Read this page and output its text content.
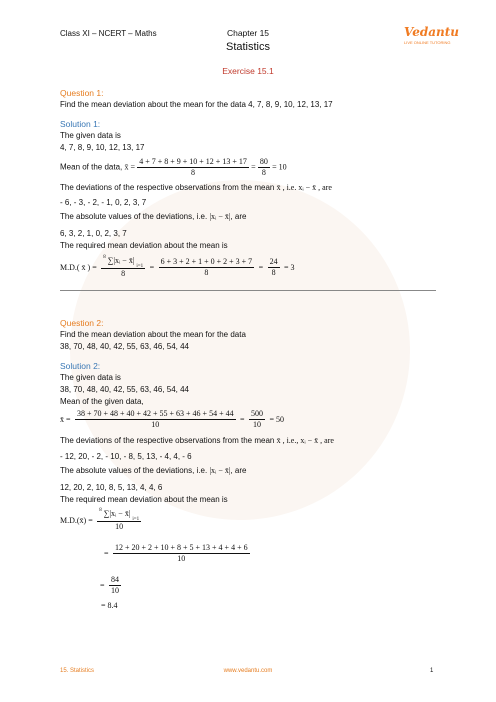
Class XI – NCERT – Maths	Chapter 15
Statistics
Vedantu
LIVE ONLINE TUTORING
Exercise 15.1
Question 1:
Find the mean deviation about the mean for the data 4, 7, 8, 9, 10, 12, 13, 17
Solution 1:
The given data is
4, 7, 8, 9, 10, 12, 13, 17
Mean of the data, x̄ = $\frac{4 + 7 + 8 + 9 + 10 + 12 + 13 + 17}{8} = \frac{80}{8} = 10$
The deviations of the respective observations from the mean x̄ , i.e. xᵢ − x̄ , are
- 6, - 3, - 2, - 1, 0, 2, 3, 7
The absolute values of the deviations, i.e. |xᵢ − x̄|, are
6, 3, 2, 1, 0, 2, 3, 7
The required mean deviation about the mean is
M.D.( x̄ ) = $\frac{^8 \sum|xᵢ - x̄| _{i=1}}{8} = \frac{6 + 3 + 2 + 1 + 0 + 2 + 3 + 7}{8} = \frac{24}{8} = 3$
Question 2:
Find the mean deviation about the mean for the data
38, 70, 48, 40, 42, 55, 63, 46, 54, 44
Solution 2:
The given data is
38, 70, 48, 40, 42, 55, 63, 46, 54, 44
Mean of the given data,
x̄ = $\frac{38 + 70 + 48 + 40 + 42 + 55 + 63 + 46 + 54 + 44}{10} = \frac{500}{10} = 50$
The deviations of the respective observations from the mean x̄ , i.e., xᵢ − x̄ , are
- 12, 20, - 2, - 10, - 8, 5, 13, - 4, 4, - 6
The absolute values of the deviations, i.e. |xᵢ − x̄|, are
12, 20, 2, 10, 8, 5, 13, 4, 4, 6
The required mean deviation about the mean is
M.D.(x̄) = $\frac{^8 \sum|xᵢ - x̄| _{i=1}}{10}$
= $\frac{12 + 20 + 2 + 10 + 8 + 5 + 13 + 4 + 4 + 6}{10}$
= $\frac{84}{10}$
= 8.4
15. Statistics	www.vedantu.com	1
